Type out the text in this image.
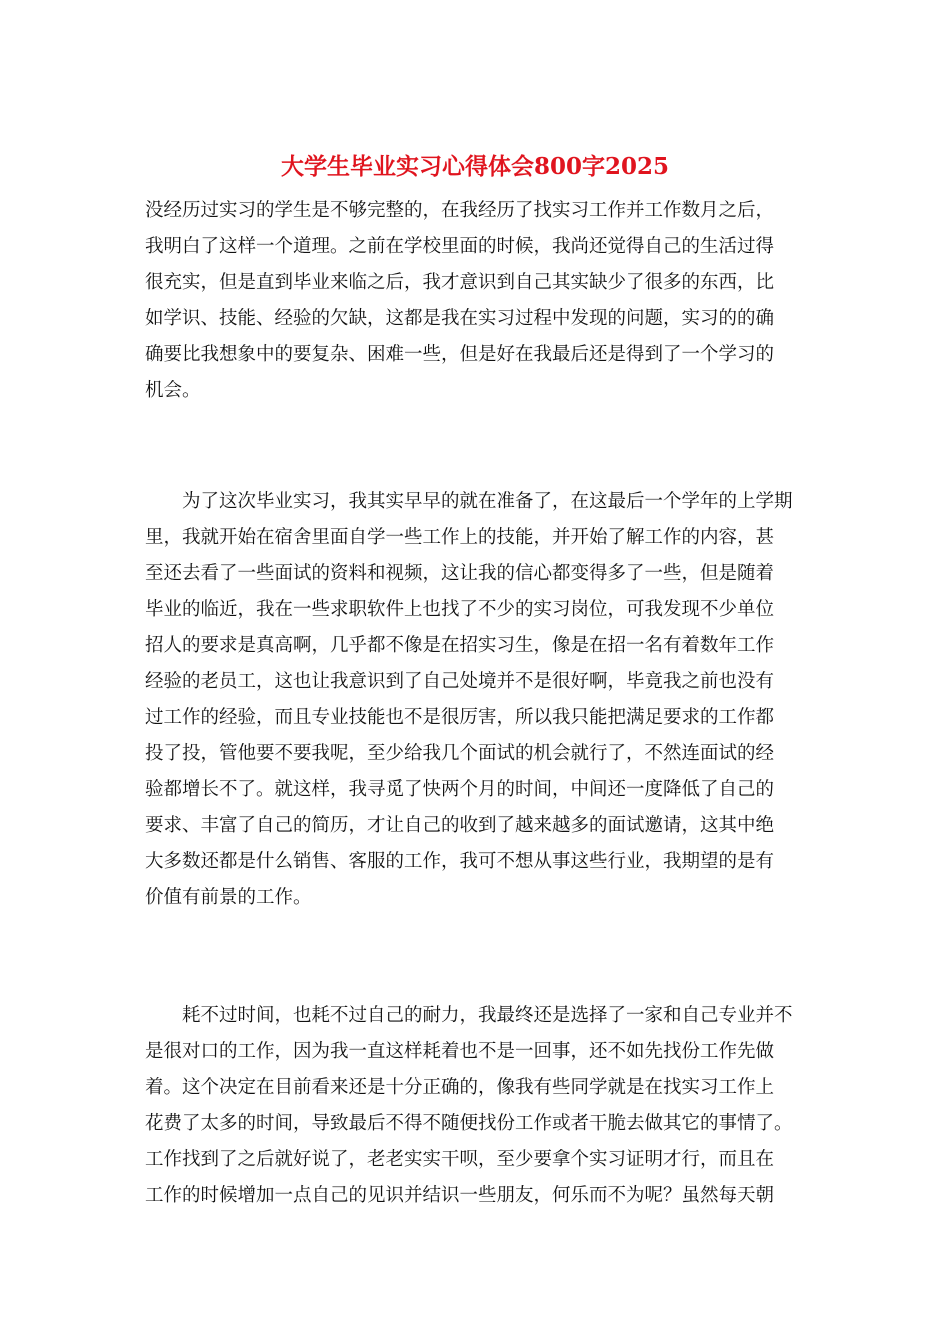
大学生毕业实习心得体会800字2025
没经历过实习的学生是不够完整的，在我经历了找实习工作并工作数月之后，
我明白了这样一个道理。之前在学校里面的时候，我尚还觉得自己的生活过得
很充实，但是直到毕业来临之后，我才意识到自己其实缺少了很多的东西，比
如学识、技能、经验的欠缺，这都是我在实习过程中发现的问题，实习的的确
确要比我想象中的要复杂、困难一些，但是好在我最后还是得到了一个学习的
机会。
　　为了这次毕业实习，我其实早早的就在准备了，在这最后一个学年的上学期
里，我就开始在宿舍里面自学一些工作上的技能，并开始了解工作的内容，甚
至还去看了一些面试的资料和视频，这让我的信心都变得多了一些，但是随着
毕业的临近，我在一些求职软件上也找了不少的实习岗位，可我发现不少单位
招人的要求是真高啊，几乎都不像是在招实习生，像是在招一名有着数年工作
经验的老员工，这也让我意识到了自己处境并不是很好啊，毕竟我之前也没有
过工作的经验，而且专业技能也不是很厉害，所以我只能把满足要求的工作都
投了投，管他要不要我呢，至少给我几个面试的机会就行了，不然连面试的经
验都增长不了。就这样，我寻觅了快两个月的时间，中间还一度降低了自己的
要求、丰富了自己的简历，才让自己的收到了越来越多的面试邀请，这其中绝
大多数还都是什么销售、客服的工作，我可不想从事这些行业，我期望的是有
价值有前景的工作。
　　耗不过时间，也耗不过自己的耐力，我最终还是选择了一家和自己专业并不
是很对口的工作，因为我一直这样耗着也不是一回事，还不如先找份工作先做
着。这个决定在目前看来还是十分正确的，像我有些同学就是在找实习工作上
花费了太多的时间，导致最后不得不随便找份工作或者干脆去做其它的事情了。
工作找到了之后就好说了，老老实实干呗，至少要拿个实习证明才行，而且在
工作的时候增加一点自己的见识并结识一些朋友，何乐而不为呢？虽然每天朝
